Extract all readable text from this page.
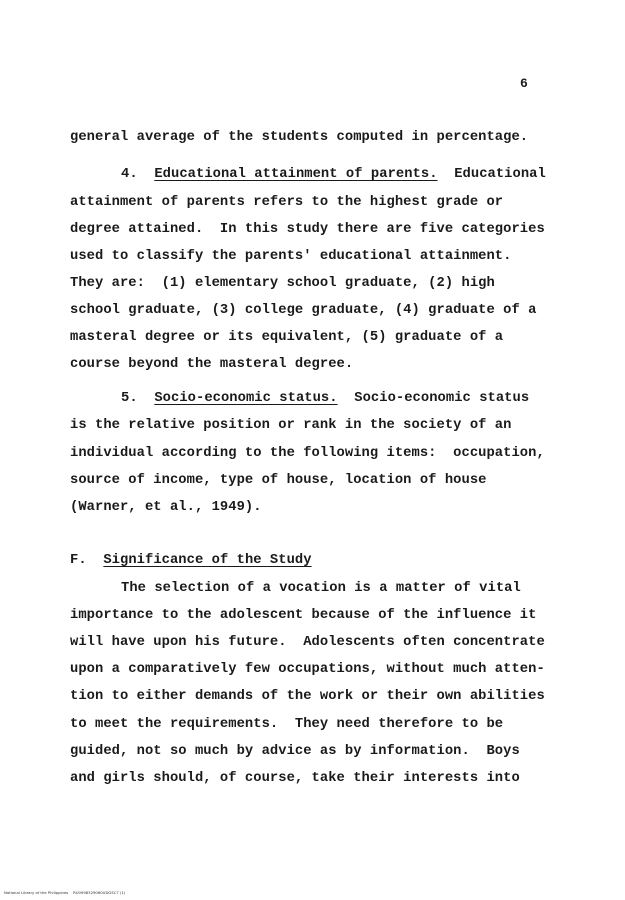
6
general average of the students computed in percentage.
4. Educational attainment of parents.  Educational
attainment of parents refers to the highest grade or
degree attained.  In this study there are five categories
used to classify the parents' educational attainment.
They are:  (1) elementary school graduate, (2) high
school graduate, (3) college graduate, (4) graduate of a
masteral degree or its equivalent, (5) graduate of a
course beyond the masteral degree.
5. Socio-economic status.  Socio-economic status
is the relative position or rank in the society of an
individual according to the following items:  occupation,
source of income, type of house, location of house
(Warner, et al., 1949).
F. Significance of the Study
The selection of a vocation is a matter of vital
importance to the adolescent because of the influence it
will have upon his future.  Adolescents often concentrate
upon a comparatively few occupations, without much atten-
tion to either demands of the work or their own abilities
to meet the requirements.  They need therefore to be
guided, not so much by advice as by information.  Boys
and girls should, of course, take their interests into
National Library of the Philippines    RU0998329060UDGSC7 (1)
